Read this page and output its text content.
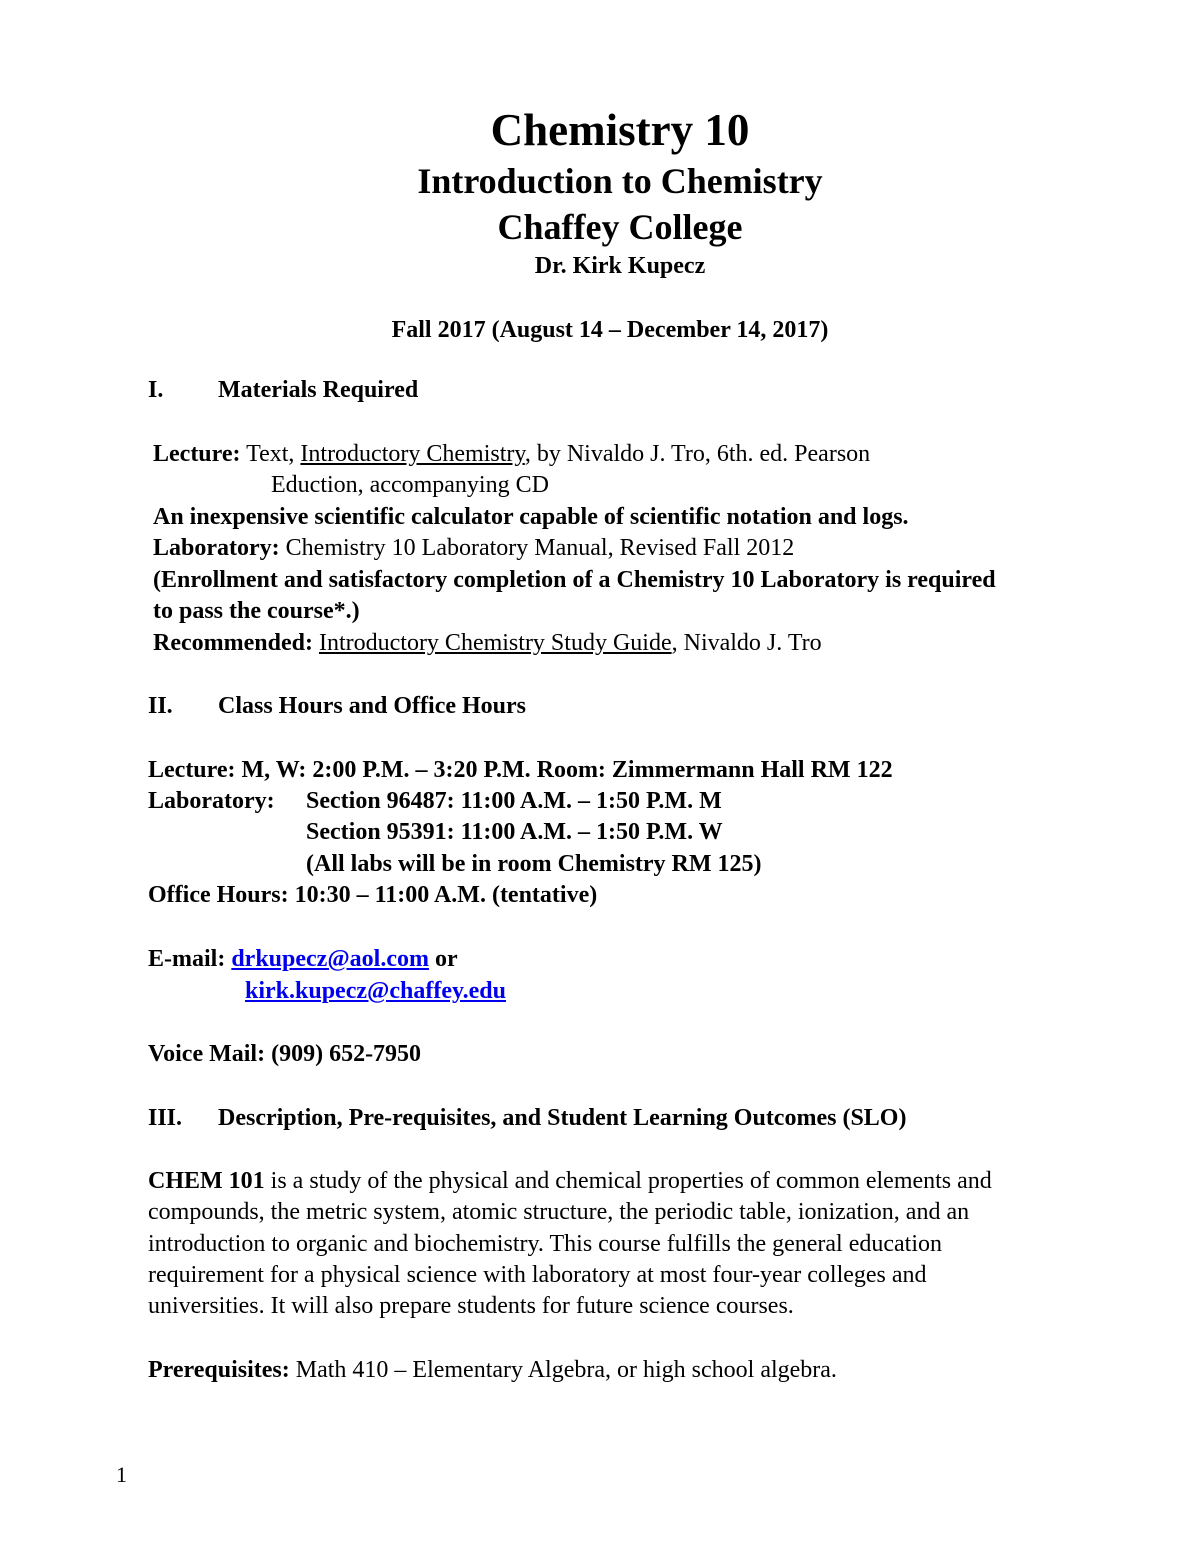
Chemistry 10
Introduction to Chemistry
Chaffey College
Dr. Kirk Kupecz
Fall 2017 (August 14 – December 14, 2017)
I. Materials Required
Lecture: Text, Introductory Chemistry, by Nivaldo J. Tro, 6th. ed. Pearson
Eduction, accompanying CD
An inexpensive scientific calculator capable of scientific notation and logs.
Laboratory: Chemistry 10 Laboratory Manual, Revised Fall 2012
(Enrollment and satisfactory completion of a Chemistry 10 Laboratory is required
to pass the course*.)
Recommended: Introductory Chemistry Study Guide, Nivaldo J. Tro
II. Class Hours and Office Hours
Lecture: M, W: 2:00 P.M. – 3:20 P.M. Room: Zimmermann Hall RM 122
Laboratory: Section 96487: 11:00 A.M. – 1:50 P.M. M
Section 95391: 11:00 A.M. – 1:50 P.M. W
(All labs will be in room Chemistry RM 125)
Office Hours: 10:30 – 11:00 A.M. (tentative)
E-mail: drkupecz@aol.com or
kirk.kupecz@chaffey.edu
Voice Mail: (909) 652-7950
III. Description, Pre-requisites, and Student Learning Outcomes (SLO)
CHEM 101 is a study of the physical and chemical properties of common elements and
compounds, the metric system, atomic structure, the periodic table, ionization, and an
introduction to organic and biochemistry. This course fulfills the general education
requirement for a physical science with laboratory at most four-year colleges and
universities. It will also prepare students for future science courses.
Prerequisites: Math 410 – Elementary Algebra, or high school algebra.
1
